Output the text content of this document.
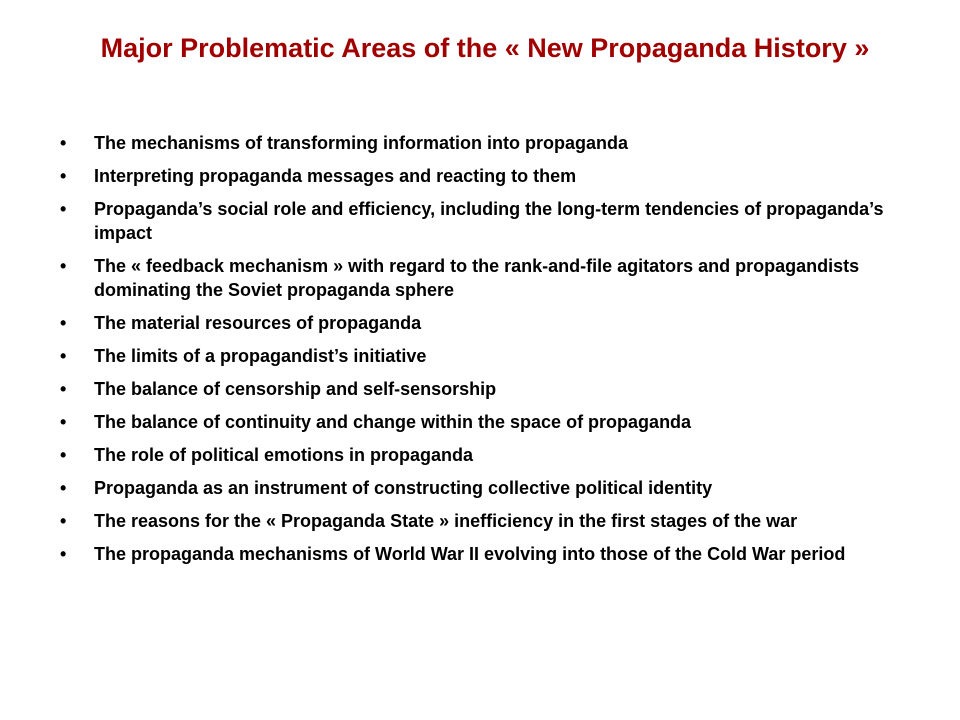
Major Problematic Areas of the « New Propaganda History »
• The mechanisms of transforming information into propaganda
• Interpreting propaganda messages and reacting to them
• Propaganda’s social role and efficiency, including the long-term tendencies of propaganda’s impact
• The « feedback mechanism » with regard to the rank-and-file agitators and propagandists dominating the Soviet propaganda sphere
• The material resources of propaganda
• The limits of a propagandist’s initiative
• The balance of censorship and self-sensorship
• The balance of continuity and change within the space of propaganda
• The role of political emotions in propaganda
• Propaganda as an instrument of constructing collective political identity
• The reasons for the « Propaganda State » inefficiency in the first stages of the war
• The propaganda mechanisms of World War II evolving into those of the Cold War period
